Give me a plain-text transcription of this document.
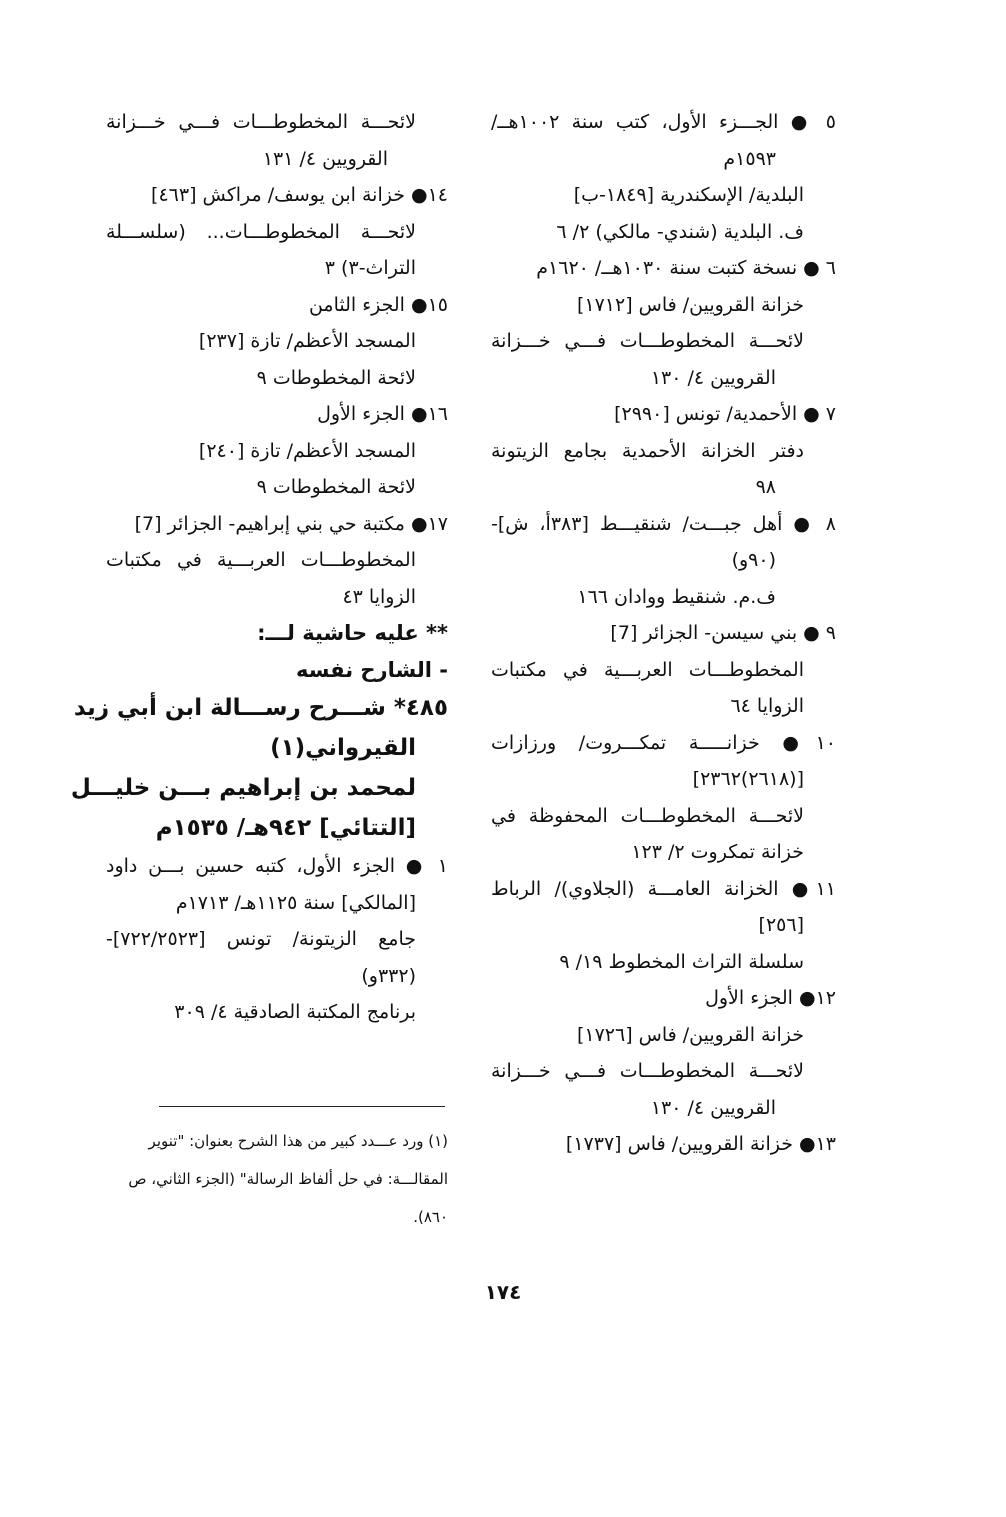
٥ ● الجـــزء الأول، كتب سنة ١٠٠٢هــ/
١٥٩٣م
البلدية/ الإسكندرية [١٨٤٩-ب]
ف. البلدية (شندي- مالكي) ٢/ ٦
٦ ● نسخة كتبت سنة ١٠٣٠هــ/ ١٦٢٠م
خزانة القرويين/ فاس [١٧١٢]
لائحـــة المخطوطـــات فـــي خـــزانة
القرويين ٤/ ١٣٠
٧ ● الأحمدية/ تونس [٢٩٩٠]
دفتر الخزانة الأحمدية بجامع الزيتونة
٩٨
٨ ● أهل جبـــت/ شنقيـــط [٣٨٣أ، ش]-
(٩٠و)
ف.م. شنقيط ووادان ١٦٦
٩ ● بني سيسن- الجزائر [7]
المخطوطـــات العربـــية في مكتبات
الزوايا ٦٤
١٠● خزانـــــة تمكـــروت/ ورزازات
[(٢٦١٨)٢٣٦٢]
لائحـــة المخطوطـــات المحفوظة في
خزانة تمكروت ٢/ ١٢٣
١١● الخزانة العامـــة (الجلاوي)/ الرباط
[٢٥٦]
سلسلة التراث المخطوط ١٩/ ٩
١٢● الجزء الأول
خزانة القرويين/ فاس [١٧٢٦]
لائحـــة المخطوطـــات فـــي خـــزانة
القرويين ٤/ ١٣٠
١٣● خزانة القرويين/ فاس [١٧٣٧]
لائحـــة المخطوطـــات فـــي خـــزانة
القرويين ٤/ ١٣١
١٤● خزانة ابن يوسف/ مراكش [٤٦٣]
لائحـــة المخطوطـــات... (سلســـلة
التراث-٣) ٣
١٥● الجزء الثامن
المسجد الأعظم/ تازة [٢٣٧]
لائحة المخطوطات ٩
١٦● الجزء الأول
المسجد الأعظم/ تازة [٢٤٠]
لائحة المخطوطات ٩
١٧● مكتبة حي بني إبراهيم- الجزائر [7]
المخطوطـــات العربـــية في مكتبات
الزوايا ٤٣
** عليه حاشية لـــ:
- الشارح نفسه
٤٨٥* شـــرح رســـالة ابن أبي زيد
القيرواني(١)
لمحمد بن إبراهيم بـــن خليـــل
[التتائي] ٩٤٢هـ/ ١٥٣٥م
١ ● الجزء الأول، كتبه حسين بـــن داود
[المالكي] سنة ١١٢٥هـ/ ١٧١٣م
جامع الزيتونة/ تونس [٧٢٢/٢٥٢٣]-
(٣٣٢و)
برنامج المكتبة الصادقية ٤/ ٣٠٩
(١) ورد عـــدد كبير من هذا الشرح بعنوان: "تنوير
المقالـــة: في حل ألفاظ الرسالة" (الجزء الثاني، ص
٨٦٠).
١٧٤
